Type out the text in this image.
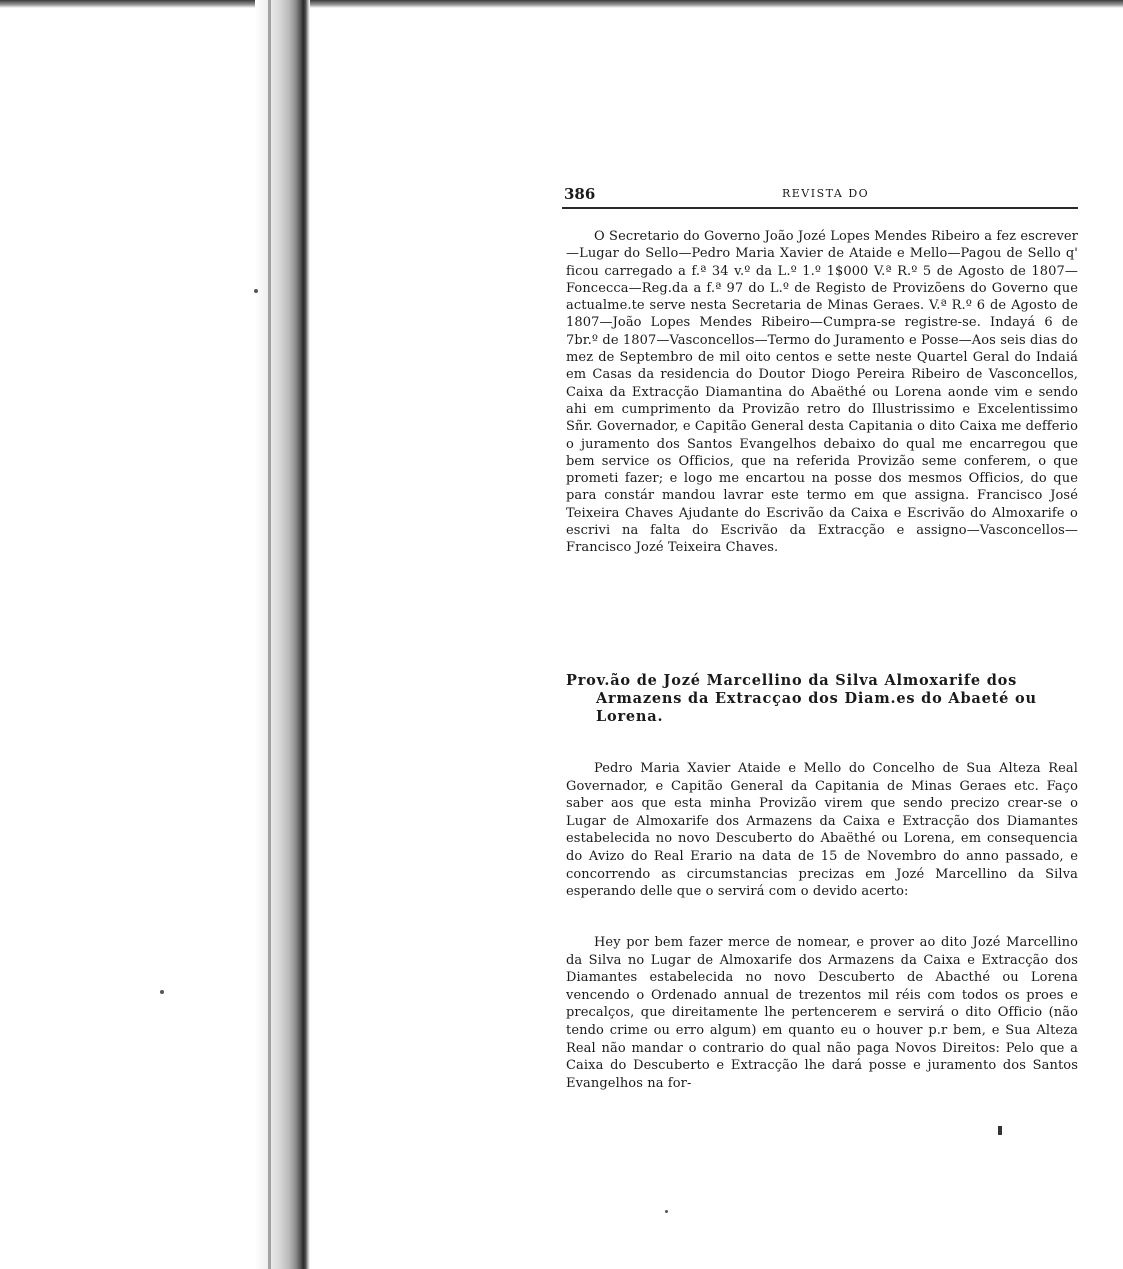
386	REVISTA DO

O Secretario do Governo João Jozé Lopes Mendes Ribeiro a fez escrever—Lugar do Sello—Pedro Maria Xavier de Ataide e Mello—Pagou de Sello q' ficou carregado a f.ª 34 v.º da L.º 1.º 1$000 V.ª R.º 5 de Agosto de 1807—Foncecca—Reg.da a f.ª 97 do L.º de Registo de Provizõens do Governo que actualme.te serve nesta Secretaria de Minas Geraes. V.ª R.º 6 de Agosto de 1807—João Lopes Mendes Ribeiro—Cumpra-se registre-se. Indayá 6 de 7br.º de 1807—Vasconcellos—Termo do Juramento e Posse—Aos seis dias do mez de Septembro de mil oito centos e sette neste Quartel Geral do Indaiá em Casas da residencia do Doutor Diogo Pereira Ribeiro de Vasconcellos, Caixa da Extracção Diamantina do Abaëthé ou Lorena aonde vim e sendo ahi em cumprimento da Provizão retro do Illustrissimo e Excelentissimo Sñr. Governador, e Capitão General desta Capitania o dito Caixa me defferio o juramento dos Santos Evangelhos debaixo do qual me encarregou que bem service os Officios, que na referida Provizão seme conferem, o que prometi fazer; e logo me encartou na posse dos mesmos Officios, do que para constár mandou lavrar este termo em que assigna. Francisco José Teixeira Chaves Ajudante do Escrivão da Caixa e Escrivão do Almoxarife o escrivi na falta do Escrivão da Extracção e assigno—Vasconcellos—Francisco Jozé Teixeira Chaves.

Prov.ão de Jozé Marcellino da Silva Almoxarife dos Armazens da Extracçao dos Diam.es do Abaeté ou Lorena.

Pedro Maria Xavier Ataide e Mello do Concelho de Sua Alteza Real Governador, e Capitão General da Capitania de Minas Geraes etc. Faço saber aos que esta minha Provizão virem que sendo precizo crear-se o Lugar de Almoxarife dos Armazens da Caixa e Extracção dos Diamantes estabelecida no novo Descuberto do Abaëthé ou Lorena, em consequencia do Avizo do Real Erario na data de 15 de Novembro do anno passado, e concorrendo as circumstancias precizas em Jozé Marcellino da Silva esperando delle que o servirá com o devido acerto:

Hey por bem fazer merce de nomear, e prover ao dito Jozé Marcellino da Silva no Lugar de Almoxarife dos Armazens da Caixa e Extracção dos Diamantes estabelecida no novo Descuberto de Abacthé ou Lorena vencendo o Ordenado annual de trezentos mil réis com todos os proes e precalços, que direitamente lhe pertencerem e servirá o dito Officio (não tendo crime ou erro algum) em quanto eu o houver p.r bem, e Sua Alteza Real não mandar o contrario do qual não paga Novos Direitos: Pelo que a Caixa do Descuberto e Extracção lhe dará posse e juramento dos Santos Evangelhos na for-
